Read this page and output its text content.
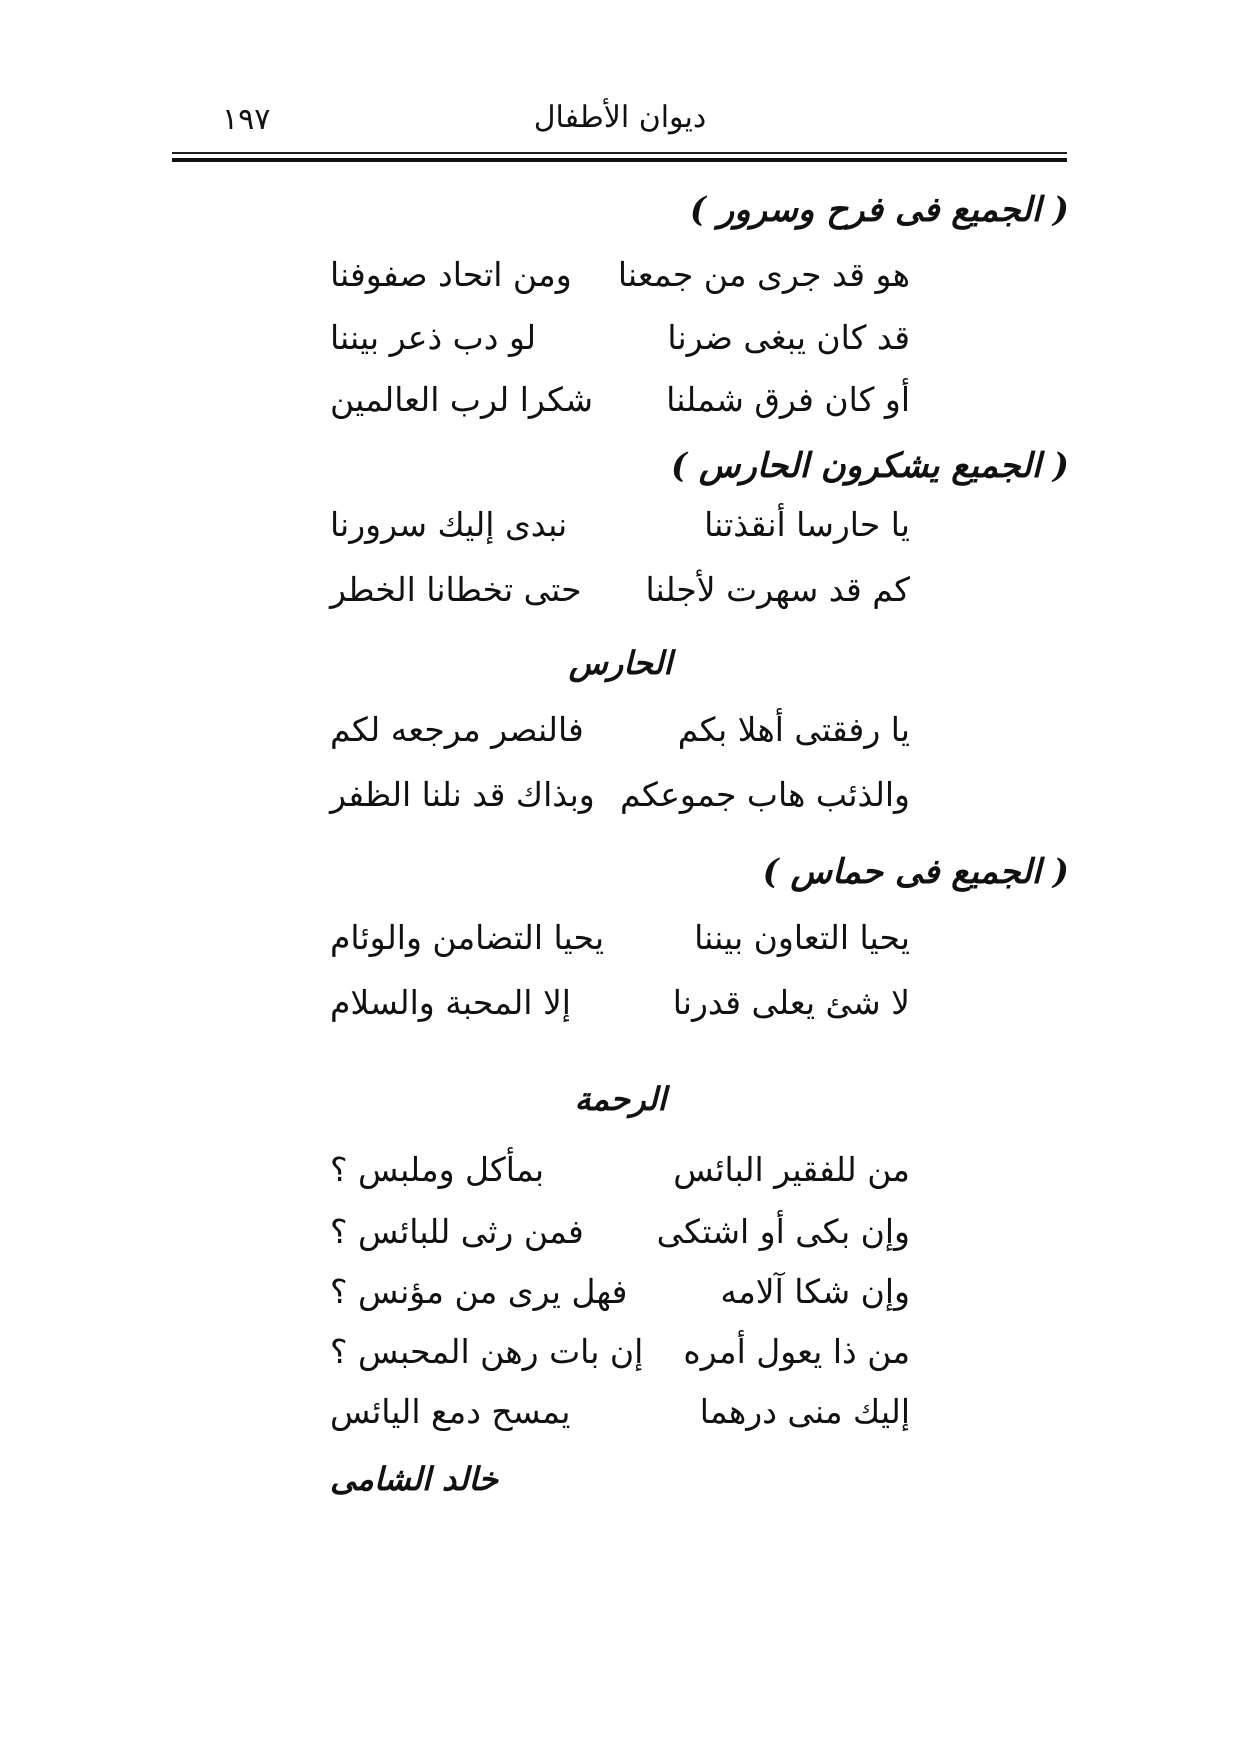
١٩٧	ديوان الأطفال
( الجميع فى فرح وسرور )
هو قد جرى من جمعنا
ومن اتحاد صفوفنا
قد كان يبغى ضرنا
لو دب ذعر بيننا
أو كان فرق شملنا
شكرا لرب العالمين
( الجميع يشكرون الحارس )
يا حارسا أنقذتنا
نبدى إليك سرورنا
كم قد سهرت لأجلنا
حتى تخطانا الخطر
الحارس
يا رفقتى أهلا بكم
فالنصر مرجعه لكم
والذئب هاب جموعكم
وبذاك قد نلنا الظفر
( الجميع فى حماس )
يحيا التعاون بيننا
يحيا التضامن والوئام
لا شئ يعلى قدرنا
إلا المحبة والسلام
الرحمة
من للفقير البائس
بمأكل وملبس ؟
وإن بكى أو اشتكى
فمن رثى للبائس ؟
وإن شكا آلامه
فهل يرى من مؤنس ؟
من ذا يعول أمره
إن بات رهن المحبس ؟
إليك منى درهما
يمسح دمع اليائس
خالد الشامى
